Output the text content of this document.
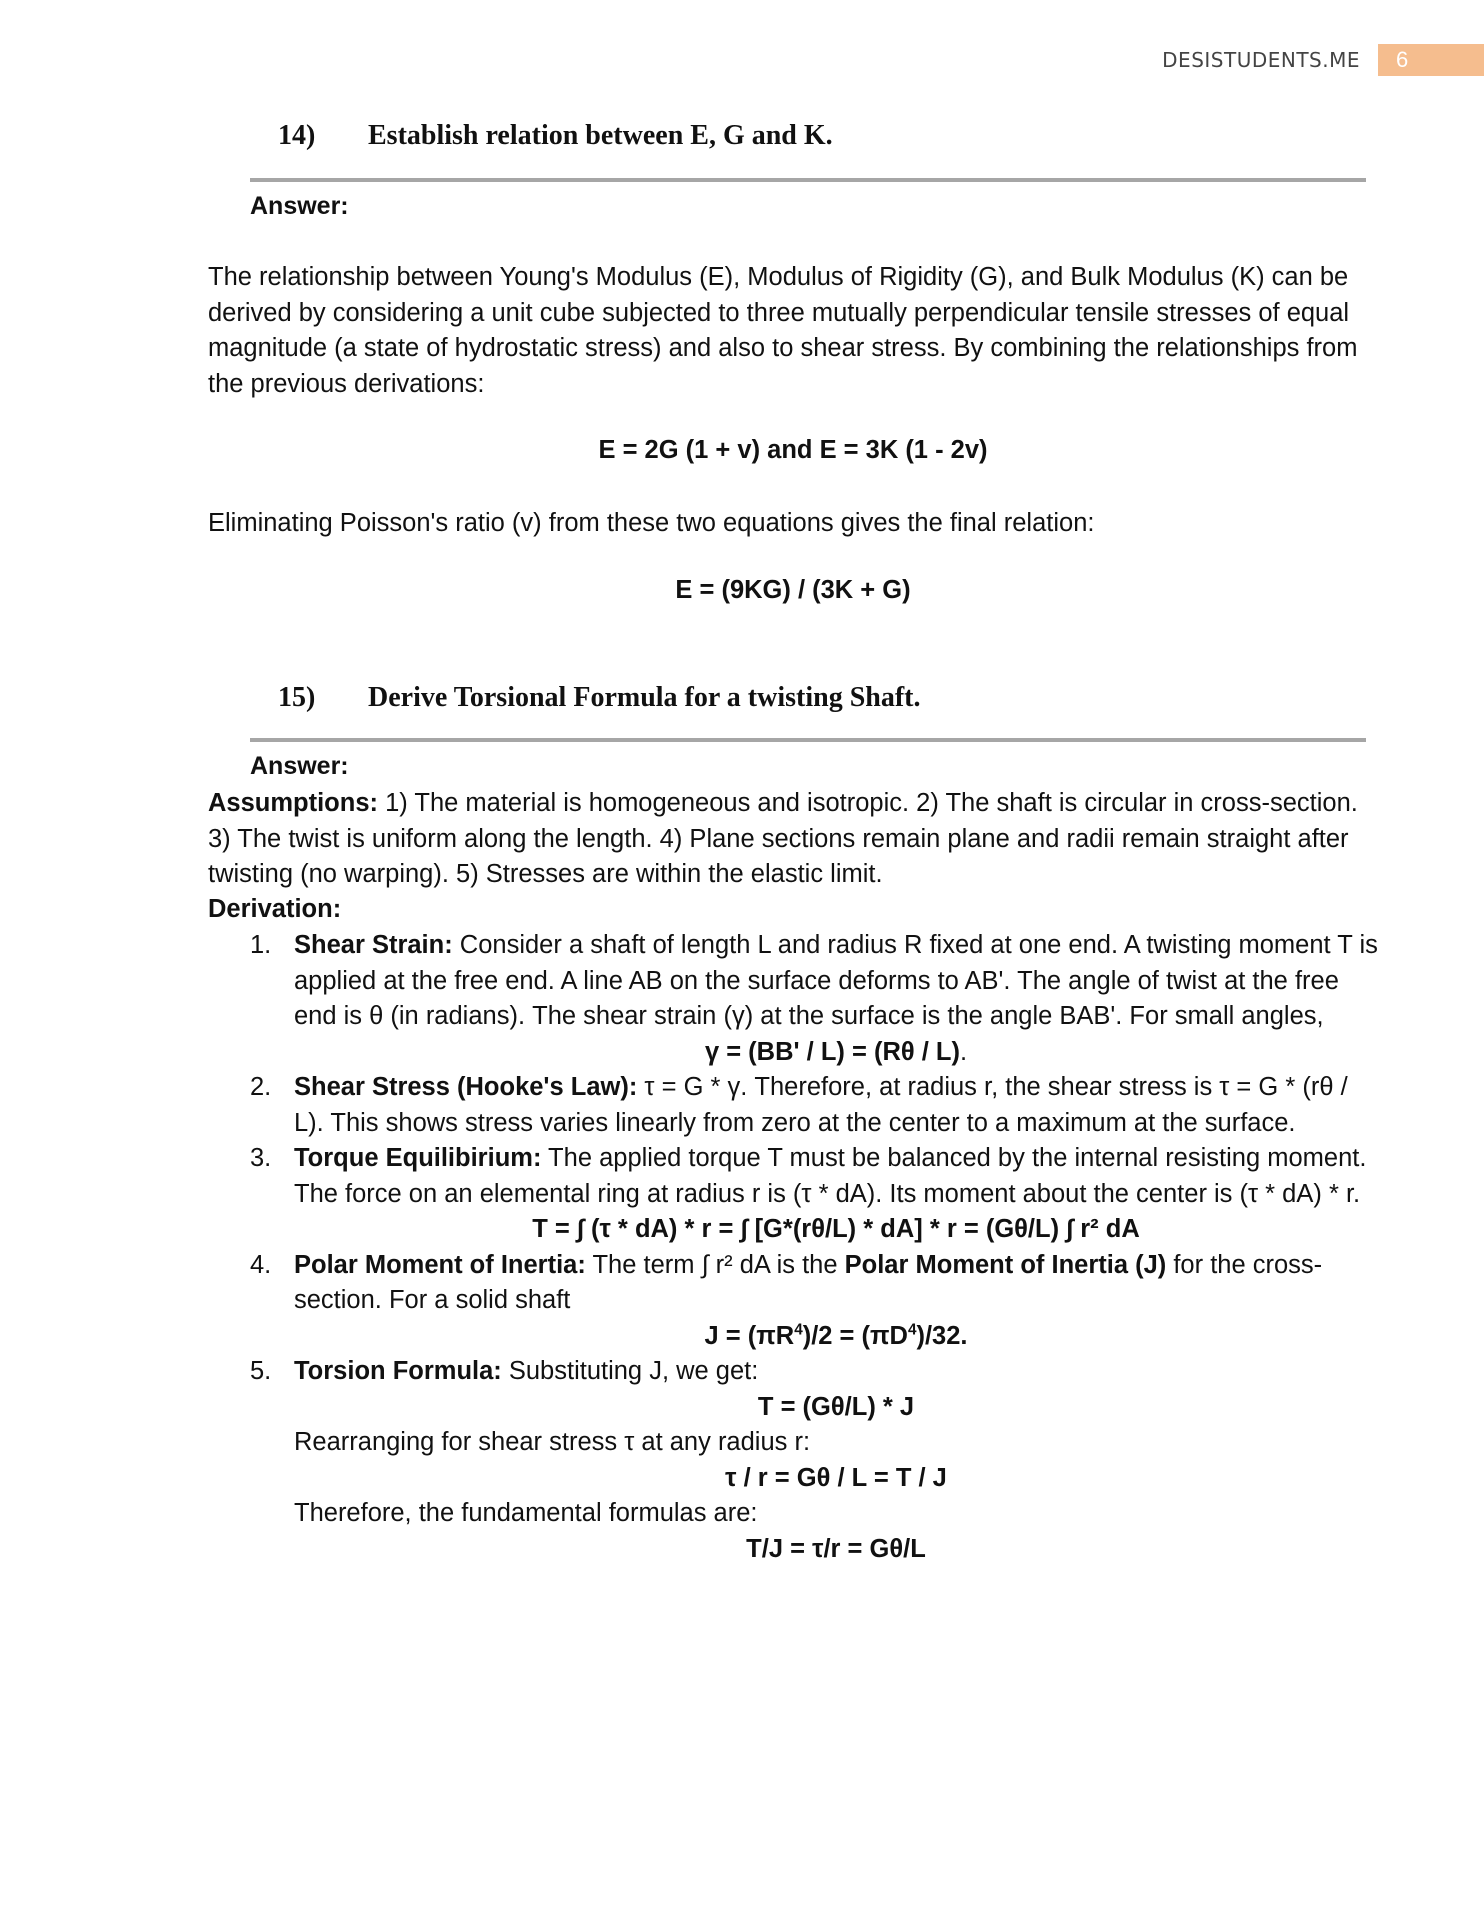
DESISTUDENTS.ME 6
14)	Establish relation between E, G and K.
Answer:
The relationship between Young's Modulus (E), Modulus of Rigidity (G), and Bulk Modulus (K) can be derived by considering a unit cube subjected to three mutually perpendicular tensile stresses of equal magnitude (a state of hydrostatic stress) and also to shear stress. By combining the relationships from the previous derivations:
E = 2G (1 + v) and E = 3K (1 - 2v)
Eliminating Poisson's ratio (v) from these two equations gives the final relation:
E = (9KG) / (3K + G)
15)	Derive Torsional Formula for a twisting Shaft.
Answer:
Assumptions: 1) The material is homogeneous and isotropic. 2) The shaft is circular in cross-section. 3) The twist is uniform along the length. 4) Plane sections remain plane and radii remain straight after twisting (no warping). 5) Stresses are within the elastic limit.
Derivation:
1. Shear Strain: Consider a shaft of length L and radius R fixed at one end. A twisting moment T is applied at the free end. A line AB on the surface deforms to AB'. The angle of twist at the free end is θ (in radians). The shear strain (γ) at the surface is the angle BAB'. For small angles,
γ = (BB' / L) = (Rθ / L).
2. Shear Stress (Hooke's Law): τ = G * γ. Therefore, at radius r, the shear stress is τ = G * (rθ / L). This shows stress varies linearly from zero at the center to a maximum at the surface.
3. Torque Equilibirium: The applied torque T must be balanced by the internal resisting moment. The force on an elemental ring at radius r is (τ * dA). Its moment about the center is (τ * dA) * r.
T = ∫ (τ * dA) * r = ∫ [G*(rθ/L) * dA] * r = (Gθ/L) ∫ r² dA
4. Polar Moment of Inertia: The term ∫ r² dA is the Polar Moment of Inertia (J) for the cross-section. For a solid shaft
$J = (\pi R^4)/2 = (\pi D^4)/32$.
5. Torsion Formula: Substituting J, we get:
T = (Gθ/L) * J
Rearranging for shear stress τ at any radius r:
τ / r = Gθ / L = T / J
Therefore, the fundamental formulas are:
T/J = τ/r = Gθ/L
